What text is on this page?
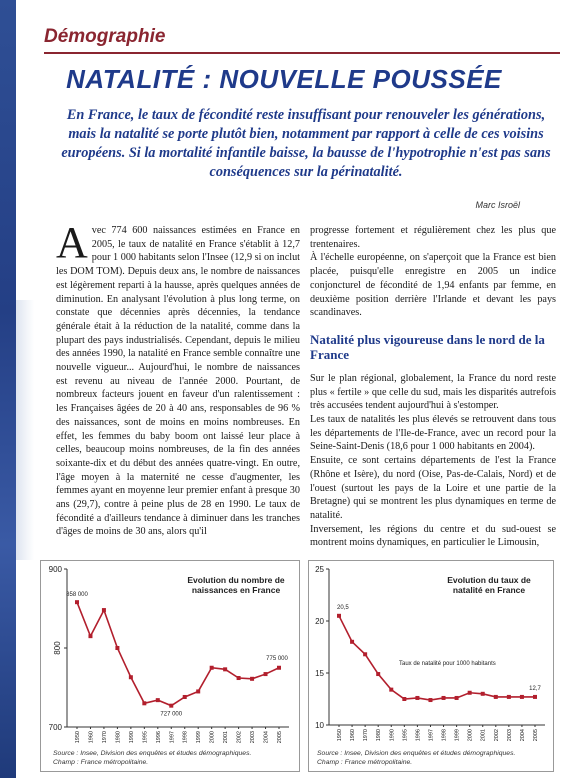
Démographie
NATALITÉ : NOUVELLE POUSSÉE
En France, le taux de fécondité reste insuffisant pour renouveler les générations, mais la natalité se porte plutôt bien, notamment par rapport à celle de ces voisins européens. Si la mortalité infantile baisse, la bausse de l'hypotrophie n'est pas sans conséquences sur la périnatalité.
Marc Isroël
A vec 774 600 naissances estimées en France en 2005, le taux de natalité en France s'établit à 12,7 pour 1 000 habitants selon l'Insee (12,9 si on inclut les DOM TOM). Depuis deux ans, le nombre de naissances est légèrement reparti à la hausse, après quelques années de diminution. En analysant l'évolution à plus long terme, on constate que décennies après décennies, la tendance générale était à la réduction de la natalité, comme dans la plupart des pays industrialisés. Cependant, depuis le milieu des années 1990, la natalité en France semble connaître une nouvelle vigueur... Aujourd'hui, le nombre de naissances est revenu au niveau de l'année 2000. Pourtant, de nombreux facteurs jouent en faveur d'un ralentissement : les Françaises âgées de 20 à 40 ans, responsables de 96 % des naissances, sont de moins en moins nombreuses. En effet, les femmes du baby boom ont laissé leur place à celles, beaucoup moins nombreuses, de la fin des années soixante-dix et du début des années quatre-vingt. En outre, l'âge moyen à la maternité ne cesse d'augmenter, les femmes ayant en moyenne leur premier enfant à presque 30 ans (29,7), contre à peine plus de 28 en 1990. Le taux de fécondité a d'ailleurs tendance à diminuer dans les tranches d'âges de moins de 30 ans, alors qu'il

progresse fortement et régulièrement chez les plus que trentenaires.

À l'échelle européenne, on s'aperçoit que la France est bien placée, puisqu'elle enregistre en 2005 un indice conjoncturel de fécondité de 1,94 enfants par femme, en deuxième position derrière l'Irlande et devant les pays scandinaves.

Natalité plus vigoureuse dans le nord de la France

Sur le plan régional, globalement, la France du nord reste plus « fertile » que celle du sud, mais les disparités autrefois très accusées tendent aujourd'hui à s'estomper.

Les taux de natalités les plus élevés se retrouvent dans tous les départements de l'Ile-de-France, avec un record pour la Seine-Saint-Denis (18,6 pour 1 000 habitants en 2004).

Ensuite, ce sont certains départements de l'est la France (Rhône et Isère), du nord (Oise, Pas-de-Calais, Nord) et de l'ouest (surtout les pays de la Loire et une partie de la Bretagne) qui se montrent les plus dynamiques en terme de natalité.

Inversement, les régions du centre et du sud-ouest se montrent moins dynamiques, en particulier le Limousin,

900
800
700
1950 1960 1970 1980 1990 1995 1996 1997 1998 1999 2000 2001 2002 2003 2004 2005
858 000
727 000
775 000
Evolution du nombre de naissances en France
Source : Insee, Division des enquêtes et études démographiques.
Champ : France métropolitaine.
25
20
15
10
1950 1960 1970 1980 1990 1995 1996 1997 1998 1999 2000 2001 2002 2003 2004 2005
20,5
12,7
Taux de natalité pour 1000 habitants
Evolution du taux de natalité en France
Source : Insee, Division des enquêtes et études démographiques.
Champ : France métropolitaine.
